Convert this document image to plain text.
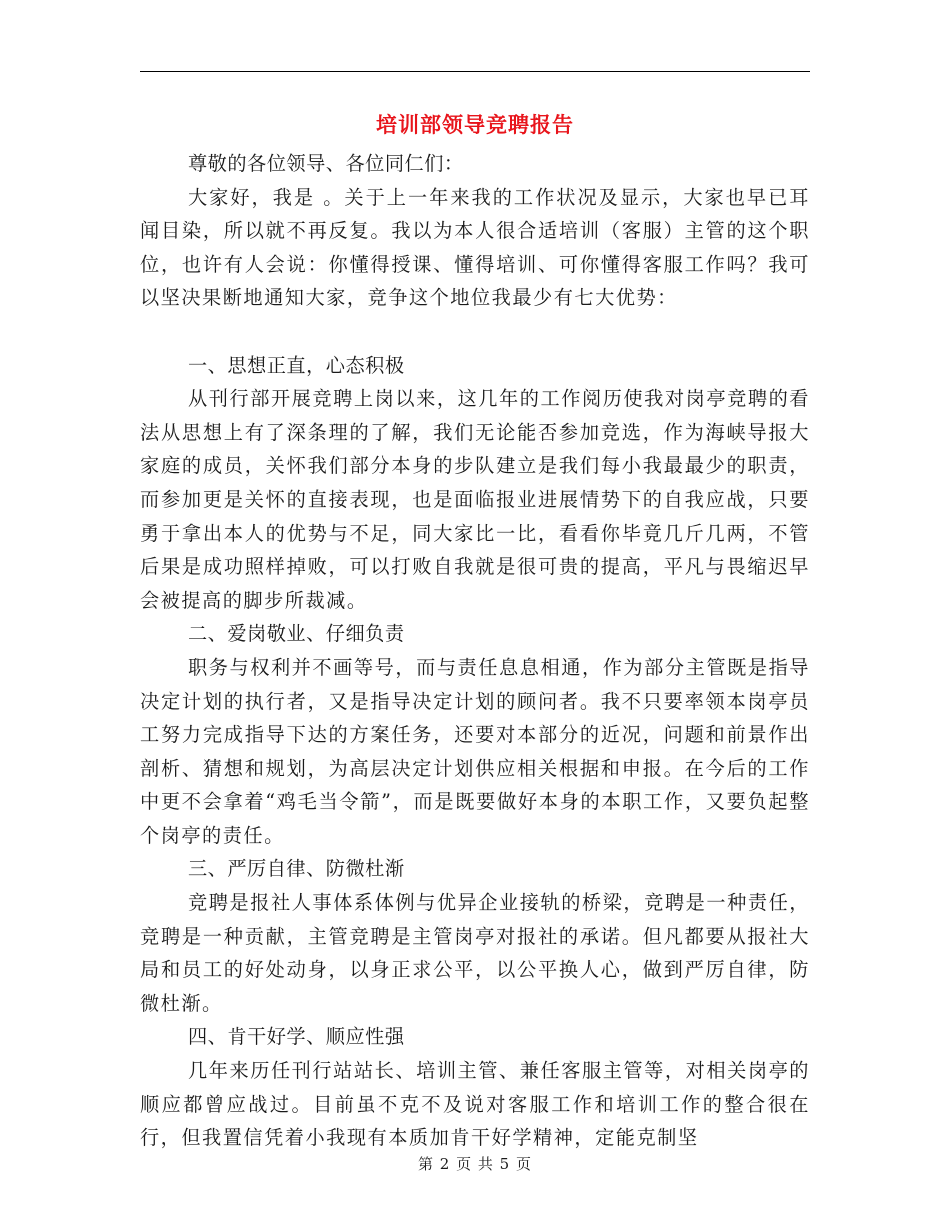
培训部领导竞聘报告

尊敬的各位领导、各位同仁们：

大家好，我是 。关于上一年来我的工作状况及显示，大家也早已耳闻目染，所以就不再反复。我以为本人很合适培训（客服）主管的这个职位，也许有人会说：你懂得授课、懂得培训、可你懂得客服工作吗？我可以坚决果断地通知大家，竞争这个地位我最少有七大优势：

一、思想正直，心态积极

从刊行部开展竞聘上岗以来，这几年的工作阅历使我对岗亭竞聘的看法从思想上有了深条理的了解，我们无论能否参加竞选，作为海峡导报大家庭的成员，关怀我们部分本身的步队建立是我们每小我最最少的职责，而参加更是关怀的直接表现，也是面临报业进展情势下的自我应战，只要勇于拿出本人的优势与不足，同大家比一比，看看你毕竟几斤几两，不管后果是成功照样掉败，可以打败自我就是很可贵的提高，平凡与畏缩迟早会被提高的脚步所裁减。

二、爱岗敬业、仔细负责

职务与权利并不画等号，而与责任息息相通，作为部分主管既是指导决定计划的执行者，又是指导决定计划的顾问者。我不只要率领本岗亭员工努力完成指导下达的方案任务，还要对本部分的近况，问题和前景作出剖析、猜想和规划，为高层决定计划供应相关根据和申报。在今后的工作中更不会拿着“鸡毛当令箭”，而是既要做好本身的本职工作，又要负起整个岗亭的责任。

三、严厉自律、防微杜渐

竞聘是报社人事体系体例与优异企业接轨的桥梁，竞聘是一种责任，竞聘是一种贡献，主管竞聘是主管岗亭对报社的承诺。但凡都要从报社大局和员工的好处动身，以身正求公平，以公平换人心，做到严厉自律，防微杜渐。

四、肯干好学、顺应性强

几年来历任刊行站站长、培训主管、兼任客服主管等，对相关岗亭的顺应都曾应战过。目前虽不克不及说对客服工作和培训工作的整合很在行，但我置信凭着小我现有本质加肯干好学精神，定能克制坚

第 2 页 共 5 页
